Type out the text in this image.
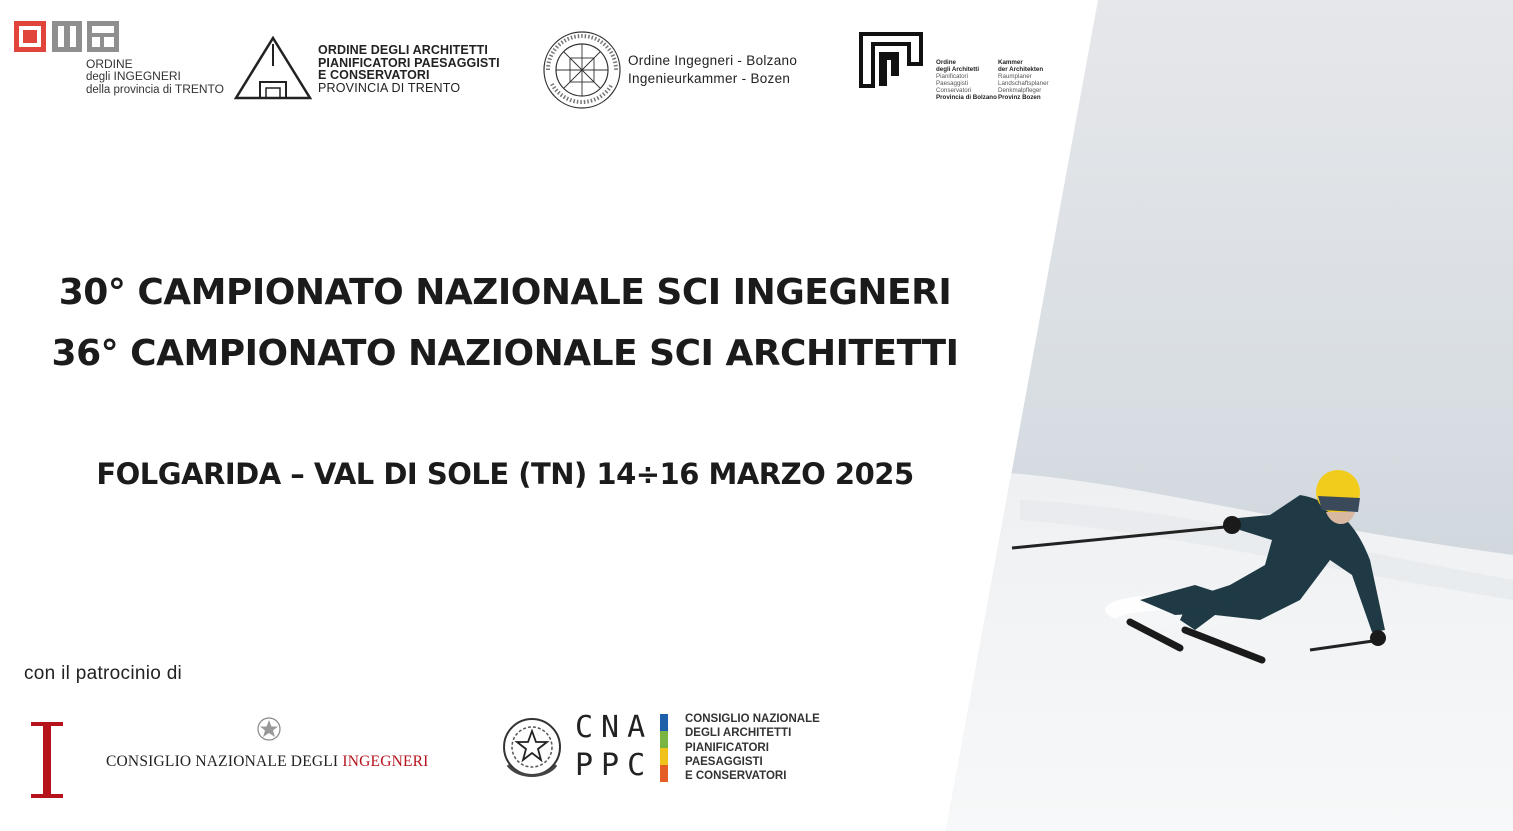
ORDINE
degli INGEGNERI
della provincia di TRENTO
ORDINE DEGLI ARCHITETTI
PIANIFICATORI PAESAGGISTI
E CONSERVATORI
PROVINCIA DI TRENTO
Ordine Ingegneri - Bolzano
Ingenieurkammer - Bozen
Ordine
degli Architetti
Pianificatori
Paesaggisti
Conservatori
Provincia di Bolzano
Kammer
der Architekten
Raumplaner
Landschaftsplaner
Denkmalpfleger
Provinz Bozen
30° CAMPIONATO NAZIONALE SCI INGEGNERI
36° CAMPIONATO NAZIONALE SCI ARCHITETTI
FOLGARIDA – VAL DI SOLE (TN) 14÷16 MARZO 2025
con il patrocinio di
CONSIGLIO NAZIONALE DEGLI INGEGNERI
CNA
PPC
CONSIGLIO NAZIONALE
DEGLI ARCHITETTI
PIANIFICATORI
PAESAGGISTI
E CONSERVATORI
